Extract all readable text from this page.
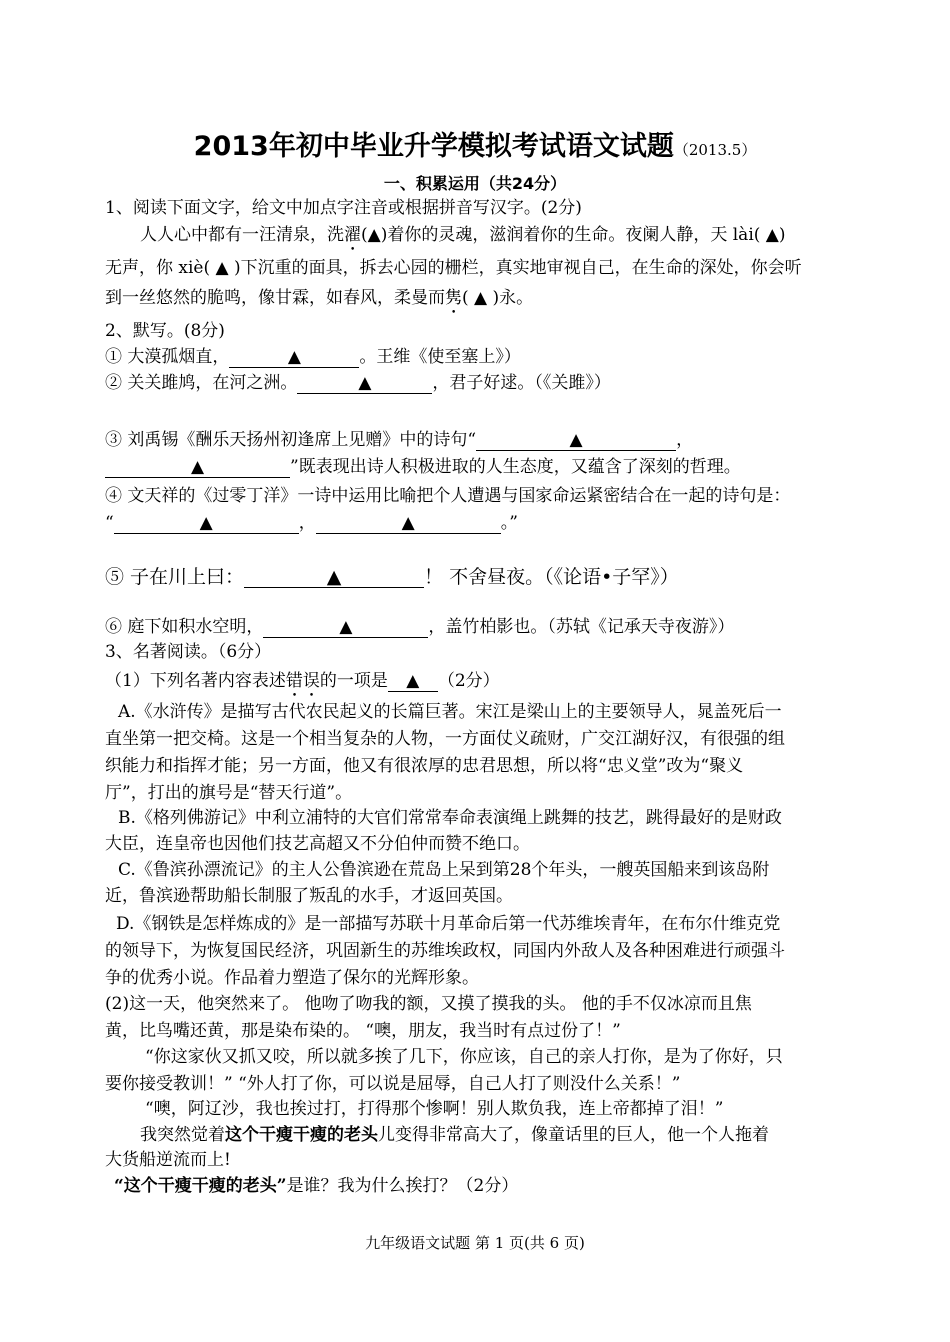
2013年初中毕业升学模拟考试语文试题（2013.5）
一、积累运用（共24分）
1、阅读下面文字，给文中加点字注音或根据拼音写汉字。(2分)
人人心中都有一汪清泉，洗濯(▲)着你的灵魂，滋润着你的生命。夜阑人静，天 lài( ▲)
无声，你 xiè( ▲ )下沉重的面具，拆去心园的栅栏，真实地审视自己，在生命的深处，你会听
到一丝悠然的脆鸣，像甘霖，如春风，柔曼而隽( ▲ )永。
2、默写。(8分)
① 大漠孤烟直，	▲	。王维《使至塞上》）
② 关关雎鸠，在河之洲。	▲	，君子好逑。（《关雎》）
③ 刘禹锡《酬乐天扬州初逢席上见赠》中的诗句“	▲	，
▲	”既表现出诗人积极进取的人生态度，又蕴含了深刻的哲理。
④ 文天祥的《过零丁洋》一诗中运用比喻把个人遭遇与国家命运紧密结合在一起的诗句是：
“	▲	，	▲	。”
⑤ 子在川上曰：	▲	！ 不舍昼夜。（《论语•子罕》）
⑥ 庭下如积水空明，	▲	，盖竹柏影也。（苏轼《记承天寺夜游》）
3、名著阅读。（6分）
（1）下列名著内容表述错误的一项是 ▲ （2分）
A.《水浒传》是描写古代农民起义的长篇巨著。宋江是梁山上的主要领导人，晁盖死后一
直坐第一把交椅。这是一个相当复杂的人物，一方面仗义疏财，广交江湖好汉，有很强的组
织能力和指挥才能；另一方面，他又有很浓厚的忠君思想，所以将“忠义堂”改为“聚义
厅”，打出的旗号是“替天行道”。
B.《格列佛游记》中利立浦特的大官们常常奉命表演绳上跳舞的技艺，跳得最好的是财政
大臣，连皇帝也因他们技艺高超又不分伯仲而赞不绝口。
C.《鲁滨孙漂流记》的主人公鲁滨逊在荒岛上呆到第28个年头，一艘英国船来到该岛附
近，鲁滨逊帮助船长制服了叛乱的水手，才返回英国。
D.《钢铁是怎样炼成的》是一部描写苏联十月革命后第一代苏维埃青年，在布尔什维克党
的领导下，为恢复国民经济，巩固新生的苏维埃政权，同国内外敌人及各种困难进行顽强斗
争的优秀小说。作品着力塑造了保尔的光辉形象。
(2)这一天，他突然来了。 他吻了吻我的额，又摸了摸我的头。 他的手不仅冰凉而且焦
黄，比鸟嘴还黄，那是染布染的。 “噢，朋友，我当时有点过份了！”
“你这家伙又抓又咬，所以就多挨了几下，你应该，自己的亲人打你，是为了你好，只
要你接受教训！” “外人打了你，可以说是屈辱，自己人打了则没什么关系！”
“噢，阿辽沙，我也挨过打，打得那个惨啊！别人欺负我，连上帝都掉了泪！”
我突然觉着这个干瘦干瘦的老头儿变得非常高大了，像童话里的巨人，他一个人拖着
大货船逆流而上!
“这个干瘦干瘦的老头”是谁？我为什么挨打？（2分）
九年级语文试题 第 1 页(共 6 页)
